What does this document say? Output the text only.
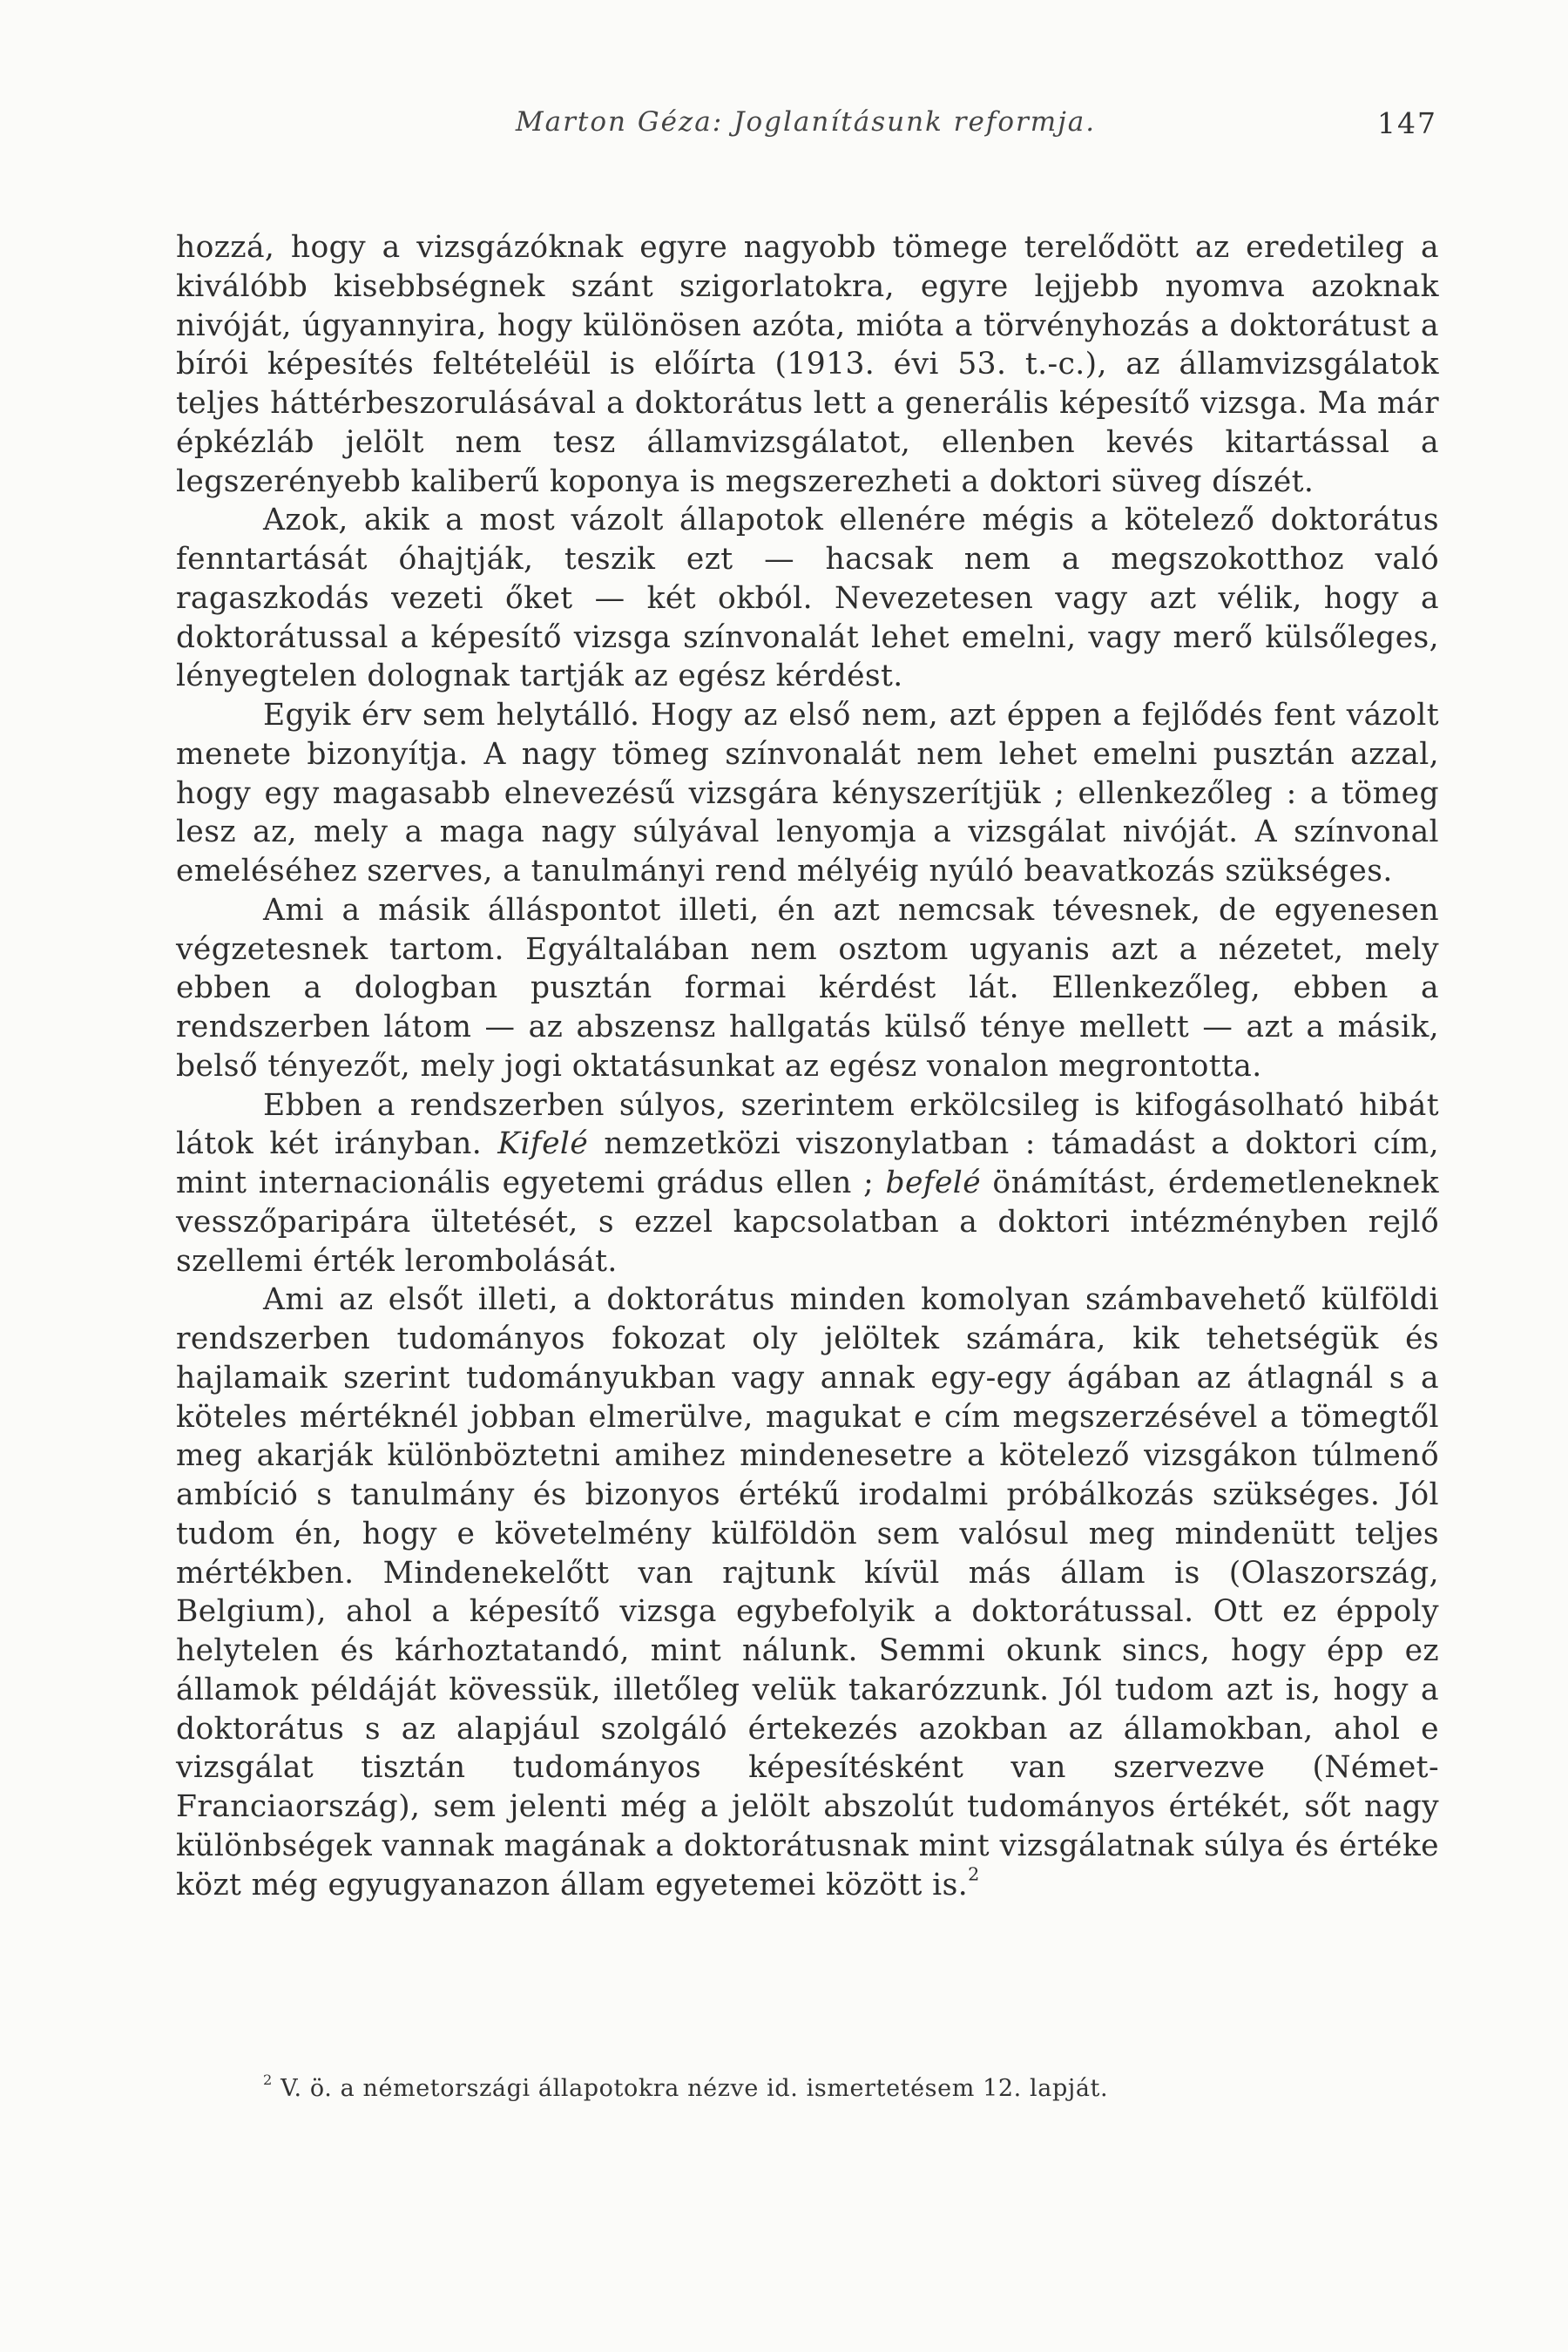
Marton Géza: Joglanításunk reformja.	147

hozzá, hogy a vizsgázóknak egyre nagyobb tömege terelődött az eredetileg a kiválóbb kisebbségnek szánt szigorlatokra, egyre lejjebb nyomva azoknak nivóját, úgyannyira, hogy különösen azóta, mióta a törvényhozás a doktorátust a bírói képesítés feltételéül is előírta (1913. évi 53. t.-c.), az államvizsgálatok teljes háttérbeszorulásával a doktorátus lett a generális képesítő vizsga. Ma már épkézláb jelölt nem tesz államvizsgálatot, ellenben kevés kitartással a legszerényebb kaliberű koponya is megszerezheti a doktori süveg díszét.

Azok, akik a most vázolt állapotok ellenére mégis a kötelező doktorátus fenntartását óhajtják, teszik ezt — hacsak nem a megszokotthoz való ragaszkodás vezeti őket — két okból. Nevezetesen vagy azt vélik, hogy a doktorátussal a képesítő vizsga színvonalát lehet emelni, vagy merő külsőleges, lényegtelen dolognak tartják az egész kérdést.

Egyik érv sem helytálló. Hogy az első nem, azt éppen a fejlődés fent vázolt menete bizonyítja. A nagy tömeg színvonalát nem lehet emelni pusztán azzal, hogy egy magasabb elnevezésű vizsgára kényszerítjük ; ellenkezőleg : a tömeg lesz az, mely a maga nagy súlyával lenyomja a vizsgálat nivóját. A színvonal emeléséhez szerves, a tanulmányi rend mélyéig nyúló beavatkozás szükséges.

Ami a másik álláspontot illeti, én azt nemcsak tévesnek, de egyenesen végzetesnek tartom. Egyáltalában nem osztom ugyanis azt a nézetet, mely ebben a dologban pusztán formai kérdést lát. Ellenkezőleg, ebben a rendszerben látom — az abszensz hallgatás külső ténye mellett — azt a másik, belső tényezőt, mely jogi oktatásunkat az egész vonalon megrontotta.

Ebben a rendszerben súlyos, szerintem erkölcsileg is kifogásolható hibát látok két irányban. Kifelé nemzetközi viszonylatban : támadást a doktori cím, mint internacionális egyetemi grádus ellen ; befelé önámítást, érdemetleneknek vesszőparipára ültetését, s ezzel kapcsolatban a doktori intézményben rejlő szellemi érték lerombolását.

Ami az elsőt illeti, a doktorátus minden komolyan számbavehető külföldi rendszerben tudományos fokozat oly jelöltek számára, kik tehetségük és hajlamaik szerint tudományukban vagy annak egy-egy ágában az átlagnál s a köteles mértéknél jobban elmerülve, magukat e cím megszerzésével a tömegtől meg akarják különböztetni amihez mindenesetre a kötelező vizsgákon túlmenő ambíció s tanulmány és bizonyos értékű irodalmi próbálkozás szükséges. Jól tudom én, hogy e követelmény külföldön sem valósul meg mindenütt teljes mértékben. Mindenekelőtt van rajtunk kívül más állam is (Olaszország, Belgium), ahol a képesítő vizsga egybefolyik a doktorátussal. Ott ez éppoly helytelen és kárhoztatandó, mint nálunk. Semmi okunk sincs, hogy épp ez államok példáját kövessük, illetőleg velük takarózzunk. Jól tudom azt is, hogy a doktorátus s az alapjául szolgáló értekezés azokban az államokban, ahol e vizsgálat tisztán tudományos képesítésként van szervezve (Német- Franciaország), sem jelenti még a jelölt abszolút tudományos értékét, sőt nagy különbségek vannak magának a doktorátusnak mint vizsgálatnak súlya és értéke közt még egyugyanazon állam egyetemei között is.$^2$

$^2$ V. ö. a németországi állapotokra nézve id. ismertetésem 12. lapját.
